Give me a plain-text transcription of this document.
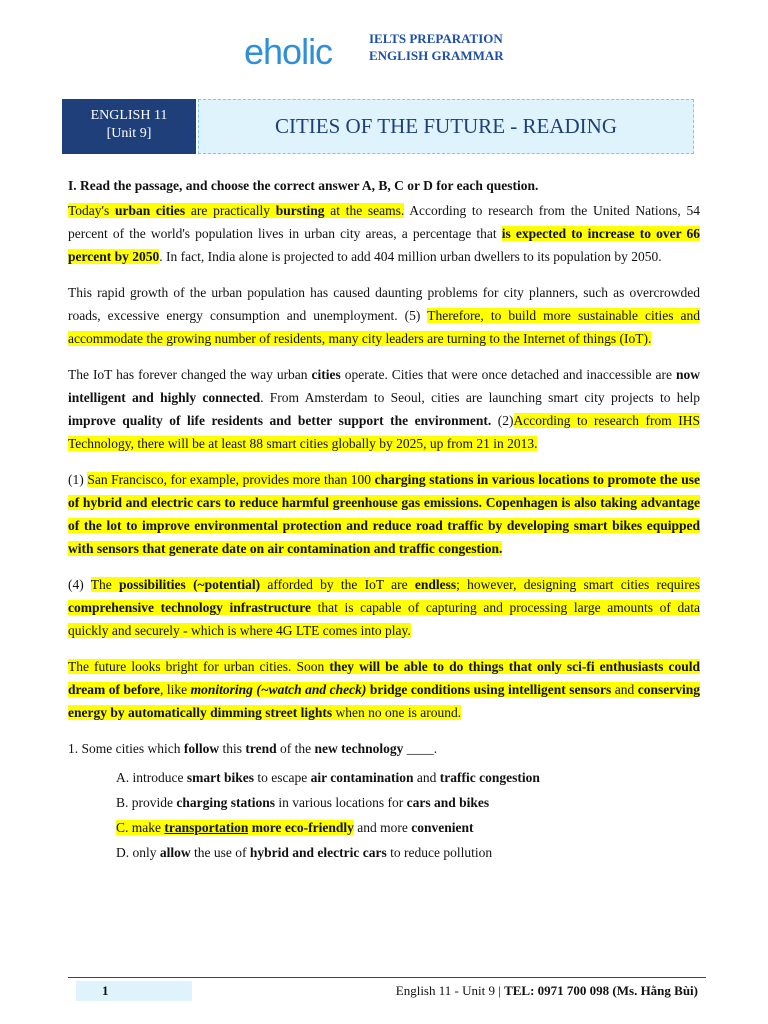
eholic	IELTS PREPARATION
ENGLISH GRAMMAR
ENGLISH 11
[Unit 9]	CITIES OF THE FUTURE - READING

I. Read the passage, and choose the correct answer A, B, C or D for each question.

Today's urban cities are practically bursting at the seams. According to research from the United Nations, 54 percent of the world's population lives in urban city areas, a percentage that is expected to increase to over 66 percent by 2050. In fact, India alone is projected to add 404 million urban dwellers to its population by 2050.

This rapid growth of the urban population has caused daunting problems for city planners, such as overcrowded roads, excessive energy consumption and unemployment. (5) Therefore, to build more sustainable cities and accommodate the growing number of residents, many city leaders are turning to the Internet of things (IoT).

The IoT has forever changed the way urban cities operate. Cities that were once detached and inaccessible are now intelligent and highly connected. From Amsterdam to Seoul, cities are launching smart city projects to help improve quality of life residents and better support the environment. (2)According to research from IHS Technology, there will be at least 88 smart cities globally by 2025, up from 21 in 2013.

(1) San Francisco, for example, provides more than 100 charging stations in various locations to promote the use of hybrid and electric cars to reduce harmful greenhouse gas emissions. Copenhagen is also taking advantage of the lot to improve environmental protection and reduce road traffic by developing smart bikes equipped with sensors that generate date on air contamination and traffic congestion.

(4) The possibilities (~potential) afforded by the IoT are endless; however, designing smart cities requires comprehensive technology infrastructure that is capable of capturing and processing large amounts of data quickly and securely - which is where 4G LTE comes into play.

The future looks bright for urban cities. Soon they will be able to do things that only sci-fi enthusiasts could dream of before, like monitoring (~watch and check) bridge conditions using intelligent sensors and conserving energy by automatically dimming street lights when no one is around.

1. Some cities which follow this trend of the new technology ____.

A. introduce smart bikes to escape air contamination and traffic congestion

B. provide charging stations in various locations for cars and bikes

C. make transportation more eco-friendly and more convenient

D. only allow the use of hybrid and electric cars to reduce pollution

1	English 11 - Unit 9 | TEL: 0971 700 098 (Ms. Hằng Bùi)
